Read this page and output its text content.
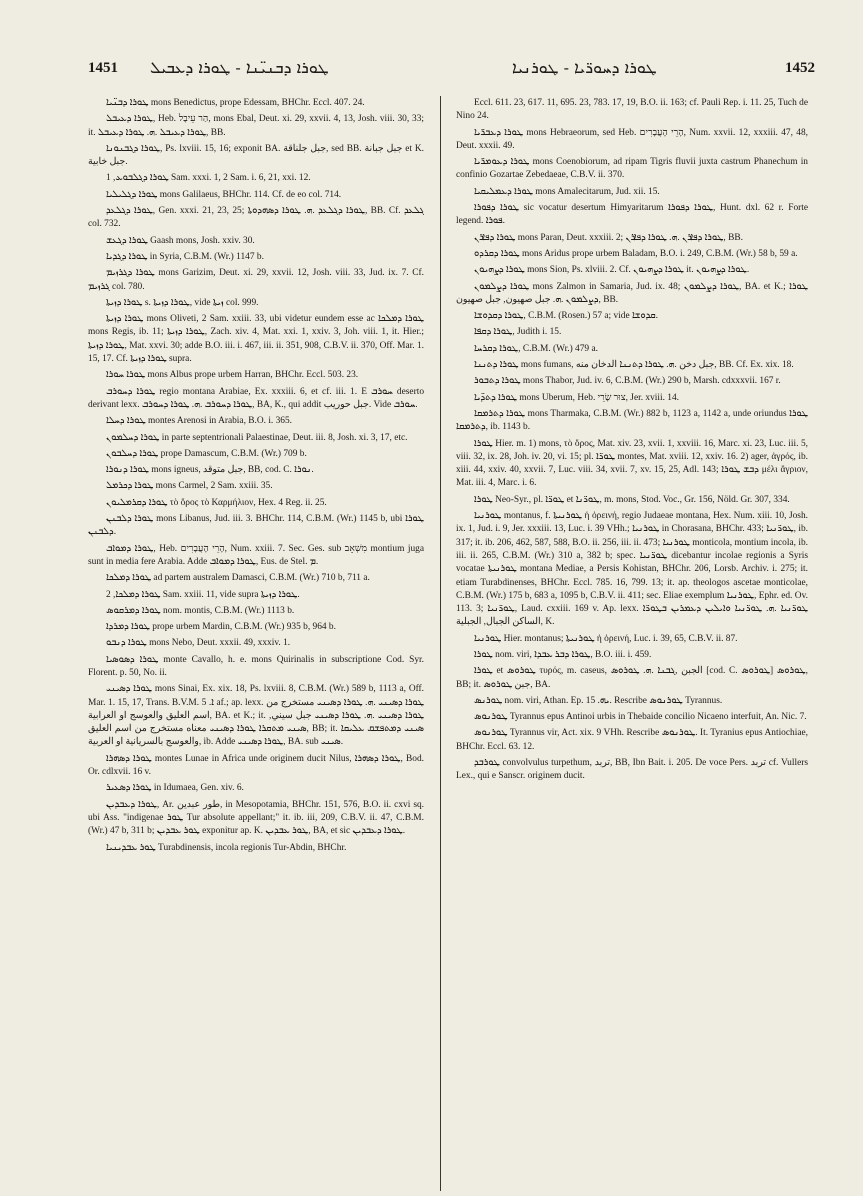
1451 ܛܘܪܐ ܕܒܢܝ̈ܢܐ - ܛܘܪܐ ܕܥܒܝܠ	ܛܘܪܐ ܕܚܘܪ̈ܝܐ - ܛܘܪܢܝܐ	1452

ܛܘܪܐ ܕܒܢ̈ܝܐ mons Benedictus, prope Edessam, BHChr. Eccl. 407. 24.

ܛܘܪܐ ܕܥܝܒܠ, Heb. הַר עֵיבָל, mons Ebal, Deut. xi. 29, xxvii. 4, 13, Josh. viii. 30, 33; it. ܛܘܪܐ ܕܥܝܒܠ .ܗ. ܛܘܪܐ ܕܥܝܒܠ, BB.

ܛܘܪܐ ܕܓܒܢܘܢܐ, Ps. lxviii. 15, 16; exponit BA. جبل جلناقة, sed BB. جبل جبانة et K. جبل خابية.

ܛܘܪܐ ܕܓܠܒܘܥ, 1 Sam. xxxi. 1, 2 Sam. i. 6, 21, xxi. 12.

ܛܘܪܐ ܕܓܠܝܠܝܐ mons Galilaeus, BHChr. 114. Cf. de eo col. 714.

ܛܘܪܐ ܕܓܠܥܕ, Gen. xxxi. 21, 23, 25; ܛܘܪܐ ܕܓܠܥܕ .ܗ. ܛܘܪܐ ܕܣܗܕܘܬܐ, BB. Cf. ܓܠܥܕ col. 732.

ܛܘܪܐ ܕܓܥܫ Gaash mons, Josh. xxiv. 30.

ܛܘܪܐ ܕܓܕܝܐ in Syria, C.B.M. (Wr.) 1147 b.

ܛܘܪܐ ܕܓܪܙܝܡ mons Garizim, Deut. xi. 29, xxvii. 12, Josh. viii. 33, Jud. ix. 7. Cf. ܓܪܙܝܡ col. 780.

ܛܘܪܐ ܕܙܝܬܐ s. ܛܘܪܐ ܕܙܝܬܐ, vide ܙܝܬܐ col. 999.

ܛܘܪܐ ܕܙܝܬܐ mons Oliveti, 2 Sam. xxiii. 33, ubi videtur eundem esse ac ܛܘܪܐ ܕܡܠܟܐ mons Regis, ib. 11; ܛܘܪܐ ܕܙܝܬܐ, Zach. xiv. 4, Mat. xxi. 1, xxiv. 3, Joh. viii. 1, it. Hier.; ܛܘܪܐ ܕܙܝܬܐ, Mat. xxvi. 30; adde B.O. iii. i. 467, iii. ii. 351, 908, C.B.V. ii. 370, Off. Mar. 1. 15, 17. Cf. ܛܘܪܐ ܕܙܝܬܐ supra.

ܛܘܪܐ ܚܘܪܐ mons Albus prope urbem Harran, BHChr. Eccl. 503. 23.

ܛܘܪܐ ܕܚܘܪܒ regio montana Arabiae, Ex. xxxiii. 6, et cf. iii. 1. E ܚܘܪܒ deserto derivant lexx. ܛܘܪܐ ܕܚܘܪܒ .ܗ. ܛܘܪܐ ܕܚܘܪܒ, BA, K., qui addit جبل حوريب. Vide ܚܘܪܒ.

ܛܘܪܐ ܕܚܠܐ montes Arenosi in Arabia, B.O. i. 365.

ܛܘܪܐ ܕܚܠܡܘܢ in parte septentrionali Palaestinae, Deut. iii. 8, Josh. xi. 3, 17, etc.

ܛܘܪܐ ܕܚܠܒܘܢ prope Damascum, C.B.M. (Wr.) 709 b.

ܛܘܪܐ ܕܢܘܪܐ mons igneus, جبل متوقد, BB, cod. C. ܢܘܪܐ.

ܛܘܪܐ ܕܟܪܡܠ mons Carmel, 2 Sam. xxiii. 35.

ܛܘܪܐ ܕܩܪܡܠܝܘܢ τὸ ὄρος τὸ Καρμήλιον, Hex. 4 Reg. ii. 25.

ܛܘܪܐ ܕܠܒܢܢ mons Libanus, Jud. iii. 3. BHChr. 114, C.B.M. (Wr.) 1145 b, ubi ܛܘܪܐ ܕܠܒܢܢ.

ܛܘܪܐ ܕܡܘܐܒ, Heb. הָרֵי הָעֲבָרִים, Num. xxiii. 7. Sec. Ges. sub מִשְׁאָב montium juga sunt in media fere Arabia. Adde ܛܘܪܐ ܕܡܘܐܒ, Eus. de Stel. ܡ.

ܛܘܪܐ ܕܡܠܟܐ ad partem australem Damasci, C.B.M. (Wr.) 710 b, 711 a.

ܛܘܪܐ ܕܡܠܟܐ, 2 Sam. xxiii. 11, vide supra ܛܘܪܐ ܕܙܝܬܐ.

ܛܘܪܐ ܕܡܪܩܘܣ nom. montis, C.B.M. (Wr.) 1113 b.

ܛܘܪܐ ܕܡܪܕܐ prope urbem Mardin, C.B.M. (Wr.) 935 b, 964 b.

ܛܘܪܐ ܕܢܒܘ mons Nebo, Deut. xxxii. 49, xxxiv. 1.

ܛܘܪܐ ܕܣܘܣܝܐ monte Cavallo, h. e. mons Quirinalis in subscriptione Cod. Syr. Florent. p. 50, No. ii.

ܛܘܪܐ ܕܣܝܢܝ mons Sinai, Ex. xix. 18, Ps. lxviii. 8, C.B.M. (Wr.) 589 b, 1113 a, Off. Mar. 1. 15, 17, Trans. B.V.M. ܐ. 5 af.; ap. lexx. ܛܘܪܐ ܕܣܝܢܝ .ܗ. ܛܘܪܐ ܕܣܝܢܝ مستخرج من اسم العليق والعوسج او العرابية, BA. et K.; it. ܛܘܪܐ ܕܣܝܢܝ .ܗ. ܛܘܪܐ ܕܣܝܢܝ جبل سيني, ܣܝܢܝ ܡܬܩܪܐ ܛܘܪܐ ܕܣܝܢܝ معناه مستخرج من اسم العليق, BB; it. ܣܝܢܝ ܕܡܬܦܫܩ ܥܠܝܩܐ والعوسج بالسريانية او العربية, ib. Adde ܛܘܪܐ ܕܣܝܢܝ, BA. sub ܣܝܢܝ.

ܛܘܪܐ ܕܣܗܪܐ montes Lunae in Africa unde originem ducit Nilus, ܛܘܪܐ ܕܣܗܪܐ, Bod. Or. cdlxvii. 16 v.

ܛܘܪܐ ܕܣܥܝܪ in Idumaea, Gen. xiv. 6.

ܛܘܪܐ ܕܥܒܕܝܢ, Ar. طور عبدين, in Mesopotamia, BHChr. 151, 576, B.O. ii. cxvi sq. ubi Ass. "indigenae ܛܘܪ Tur absolute appellant;" it. ib. iii, 209, C.B.V. ii. 47, C.B.M. (Wr.) 47 b, 311 b; ܛܘܪ ܥܒܕܝܢ exponitur ap. K. ܛܘܪ ܥܒܕܝܢ, BA, et sic ܛܘܪܐ ܕܥܒܕܝܢ.

ܛܘܪ ܥܒܕܝܢܝܐ Turabdinensis, incola regionis Tur-Abdin, BHChr.

Eccl. 611. 23, 617. 11, 695. 23, 783. 17, 19, B.O. ii. 163; cf. Pauli Rep. i. 11. 25, Tuch de Nino 24.

ܛܘܪܐ ܕܥܒܪ̈ܝܐ mons Hebraeorum, sed Heb. הָרֵי הָעֲבָרִים, Num. xxvii. 12, xxxiii. 47, 48, Deut. xxxii. 49.

ܛܘܪܐ ܕܥܘܡܪ̈ܝܐ mons Coenobiorum, ad ripam Tigris fluvii juxta castrum Phanechum in confinio Gozartae Zebedaeae, C.B.V. ii. 370.

ܛܘܪܐ ܕܥܡܠܝܩܝܐ mons Amalecitarum, Jud. xii. 15.

ܛܘܪܐ ܕܦܘܪܐ sic vocatur desertum Himyaritarum ܛܘܪܐ ܕܦܘܪܐ, Hunt. dxl. 62 r. Forte legend. ܦܘܪܐ.

ܛܘܪܐ ܕܦܐܪܢ mons Paran, Deut. xxxiii. 2; ܛܘܪܐ ܕܦܐܪܢ .ܗ. ܛܘܪܐ ܕܦܐܪܢ, BB.

ܛܘܪܐ ܕܩܪܕܘ mons Aridus prope urbem Baladam, B.O. i. 249, C.B.M. (Wr.) 58 b, 59 a.

ܛܘܪܐ ܕܨܗܝܘܢ mons Sion, Ps. xlviii. 2. Cf. ܛܘܪܐ ܕܨܗܝܘܢ it. ܛܘܪܐ ܕܨܗܝܘܢ.

ܛܘܪܐ ܕܨܠܡܘܢ mons Zalmon in Samaria, Jud. ix. 48; ܛܘܪܐ ܕܨܠܡܘܢ, BA. et K.; ܛܘܪܐ ܕܨܠܡܘܢ .ܗ. جبل صهيون, جبل صهيون, BB.

ܛܘܪܐ ܕܩܕܘܫܐ, C.B.M. (Rosen.) 57 a; vide ܩܕܘܫܐ.

ܛܘܪܐ ܕܩܦܐ, Judith i. 15.

ܛܘܪܐ ܕܩܪܚܐ, C.B.M. (Wr.) 479 a.

ܛܘܪܐ ܕܬܢܢܐ mons fumans, جبل دخن .ܗ. ܛܘܪܐ ܕܬܢܢܐ الدخان منه, BB. Cf. Ex. xix. 18.

ܛܘܪܐ ܕܬܒܘܪ mons Thabor, Jud. iv. 6, C.B.M. (Wr.) 290 b, Marsh. cdxxxvii. 167 r.

ܛܘܪܐ ܕܬܕ̈ܝܐ mons Uberum, Heb. צוּר שָׂרֵי, Jer. xviii. 14.

ܛܘܪܐ ܕܬܪܡܩܐ mons Tharmaka, C.B.M. (Wr.) 882 b, 1123 a, 1142 a, unde oriundus ܛܘܪܐ ܕܬܪܡܩܐ, ib. 1143 b.

ܛܘܪܐ Hier. m. 1) mons, τὸ ὄρος, Mat. xiv. 23, xvii. 1, xxviii. 16, Marc. xi. 23, Luc. iii. 5, viii. 32, ix. 28, Joh. iv. 20, vi. 15; pl. ܛܘܪ̈ܐ montes, Mat. xviii. 12, xxiv. 16. 2) ager, ἀγρός, ib. xiii. 44, xxiv. 40, xxvii. 7, Luc. viii. 34, xvii. 7, xv. 15, 25, Adl. 143; ܕܒܫ ܛܘܪܐ μέλι ἄγριον, Mat. iii. 4, Marc. i. 6.

ܛܘܪܐ Neo-Syr., pl. ܛܘܪ̈ܐ et ܛܘܪ̈ܢܐ, m. mons, Stod. Voc., Gr. 156, Nöld. Gr. 307, 334.

ܛܘܪܢܝܐ montanus, f. ܛܘܪܢܝܬܐ ἡ ὀρεινή, regio Judaeae montana, Hex. Num. xiii. 10, Josh. ix. 1, Jud. i. 9, Jer. xxxiii. 13, Luc. i. 39 VHh.; ܛܘܪܢܝܐ in Chorasana, BHChr. 433; ܛܘܪ̈ܢܝܐ, ib. 317; it. ib. 206, 462, 587, 588, B.O. ii. 256, iii. ii. 473; ܛܘܪܢܝܐ monticola, montium incola, ib. iii. ii. 265, C.B.M. (Wr.) 310 a, 382 b; spec. ܛܘܪ̈ܢܝܐ dicebantur incolae regionis a Syris vocatae ܛܘܪܢܝܬܐ montana Mediae, a Persis Kohistan, BHChr. 206, Lorsb. Archiv. i. 275; it. etiam Turabdinenses, BHChr. Eccl. 785. 16, 799. 13; it. ap. theologos ascetae monticolae, C.B.M. (Wr.) 175 b, 683 a, 1095 b, C.B.V. ii. 411; sec. Eliae exemplum ܛܘܪܢܝܐ, Ephr. ed. Ov. 113. 3; ܛܘܪ̈ܢܝܐ, Laud. cxxiii. 169 v. Ap. lexx. ܛܘܪ̈ܢܝܐ .ܗ. ܛܘܪ̈ܢܝܐ ܘܐܝܠܝܢ ܕܥܡܪܝܢ ܒܛܘܪ̈ܐ الساكن الجبال, الجبلية, K.

ܛܘܪܢܝܐ Hier. montanus; ܛܘܪܢܝܬܐ ἡ ὀρεινή, Luc. i. 39, 65, C.B.V. ii. 87.

ܛܘܪܐ nom. viri, ܛܘܪܐ ܕܒܪ ܥܒܕܐ, B.O. iii. i. 459.

ܛܘܪܐ et ܛܘܪܘܣ τυρός, m. caseus, الجبن ,ܓܒܢܐ .ܗ. ܛܘܪܘܣ [cod. C. ܛܘܪܘܣ] ܛܘܪܘܣ, BB; it. جبن ܛܘܪܘܣ, BA.

ܛܘܪܢܣ nom. viri, Athan. Ep. ܝܗ. 15. Rescribe ܛܘܪܢܘܣ Tyrannus.

ܛܘܪܢܘܣ Tyrannus epus Antinoi urbis in Thebaide concilio Nicaeno interfuit, An. Nic. 7.

ܛܘܪܢܘܣ Tyrannus vir, Act. xix. 9 VHh. Rescribe ܛܘܪܢܘܣ. It. Tyranius epus Antiochiae, BHChr. Eccl. 63. 12.

ܛܘܪܒܕ convolvulus turpethum, تربد, BB, Ibn Bait. i. 205. De voce Pers. تربد cf. Vullers Lex., qui e Sanscr. originem ducit.
